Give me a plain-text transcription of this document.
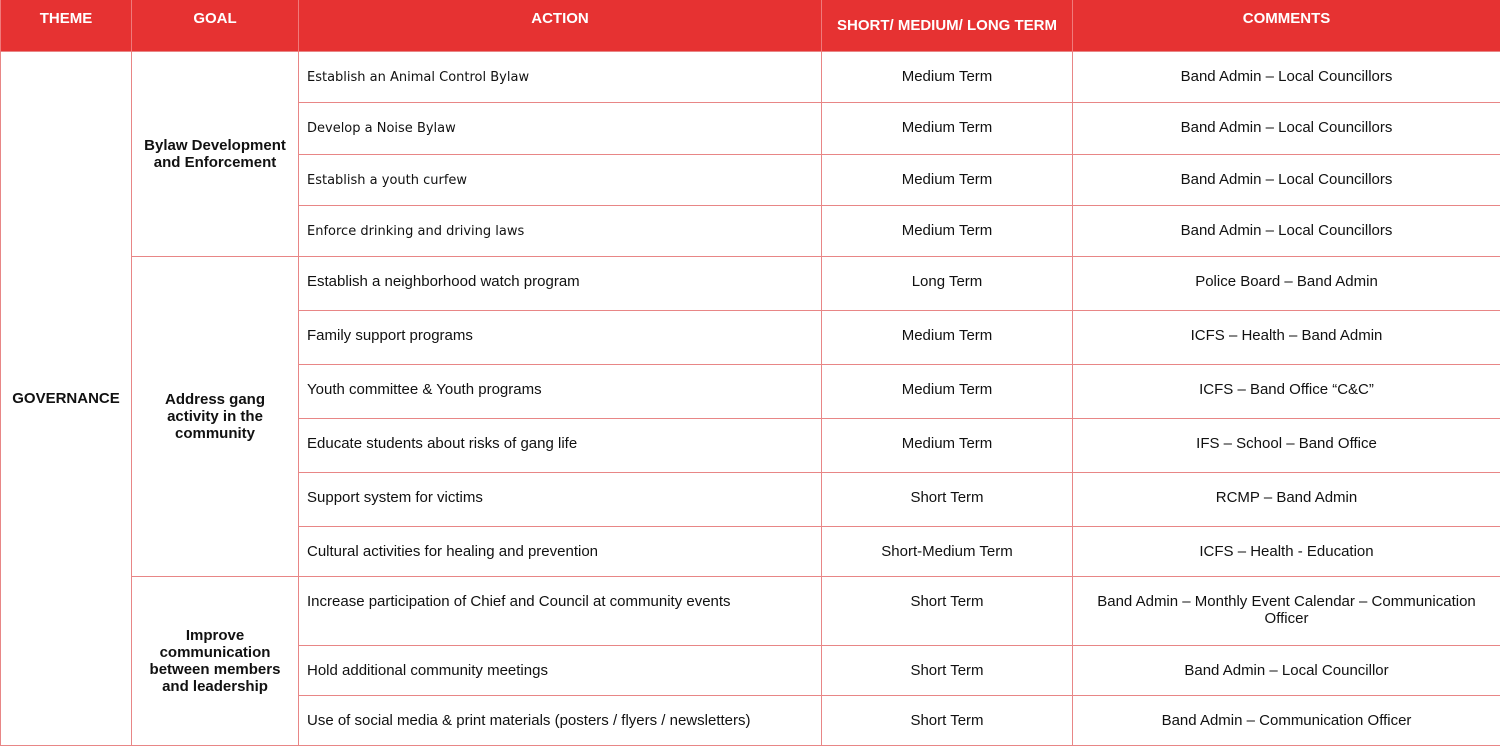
THEME	GOAL	ACTION	SHORT/ MEDIUM/ LONG TERM	COMMENTS
GOVERNANCE	Bylaw Development and Enforcement	Establish an Animal Control Bylaw	Medium Term	Band Admin – Local Councillors
		Develop a Noise Bylaw	Medium Term	Band Admin – Local Councillors
		Establish a youth curfew	Medium Term	Band Admin – Local Councillors
		Enforce drinking and driving laws	Medium Term	Band Admin – Local Councillors
	Address gang activity in the community	Establish a neighborhood watch program	Long Term	Police Board – Band Admin
		Family support programs	Medium Term	ICFS – Health – Band Admin
		Youth committee & Youth programs	Medium Term	ICFS – Band Office “C&C”
		Educate students about risks of gang life	Medium Term	IFS – School – Band Office
		Support system for victims	Short Term	RCMP – Band Admin
		Cultural activities for healing and prevention	Short-Medium Term	ICFS – Health - Education
	Improve communication between members and leadership	Increase participation of Chief and Council at community events	Short Term	Band Admin – Monthly Event Calendar – Communication Officer
		Hold additional community meetings	Short Term	Band Admin – Local Councillor
		Use of social media & print materials (posters / flyers / newsletters)	Short Term	Band Admin – Communication Officer
